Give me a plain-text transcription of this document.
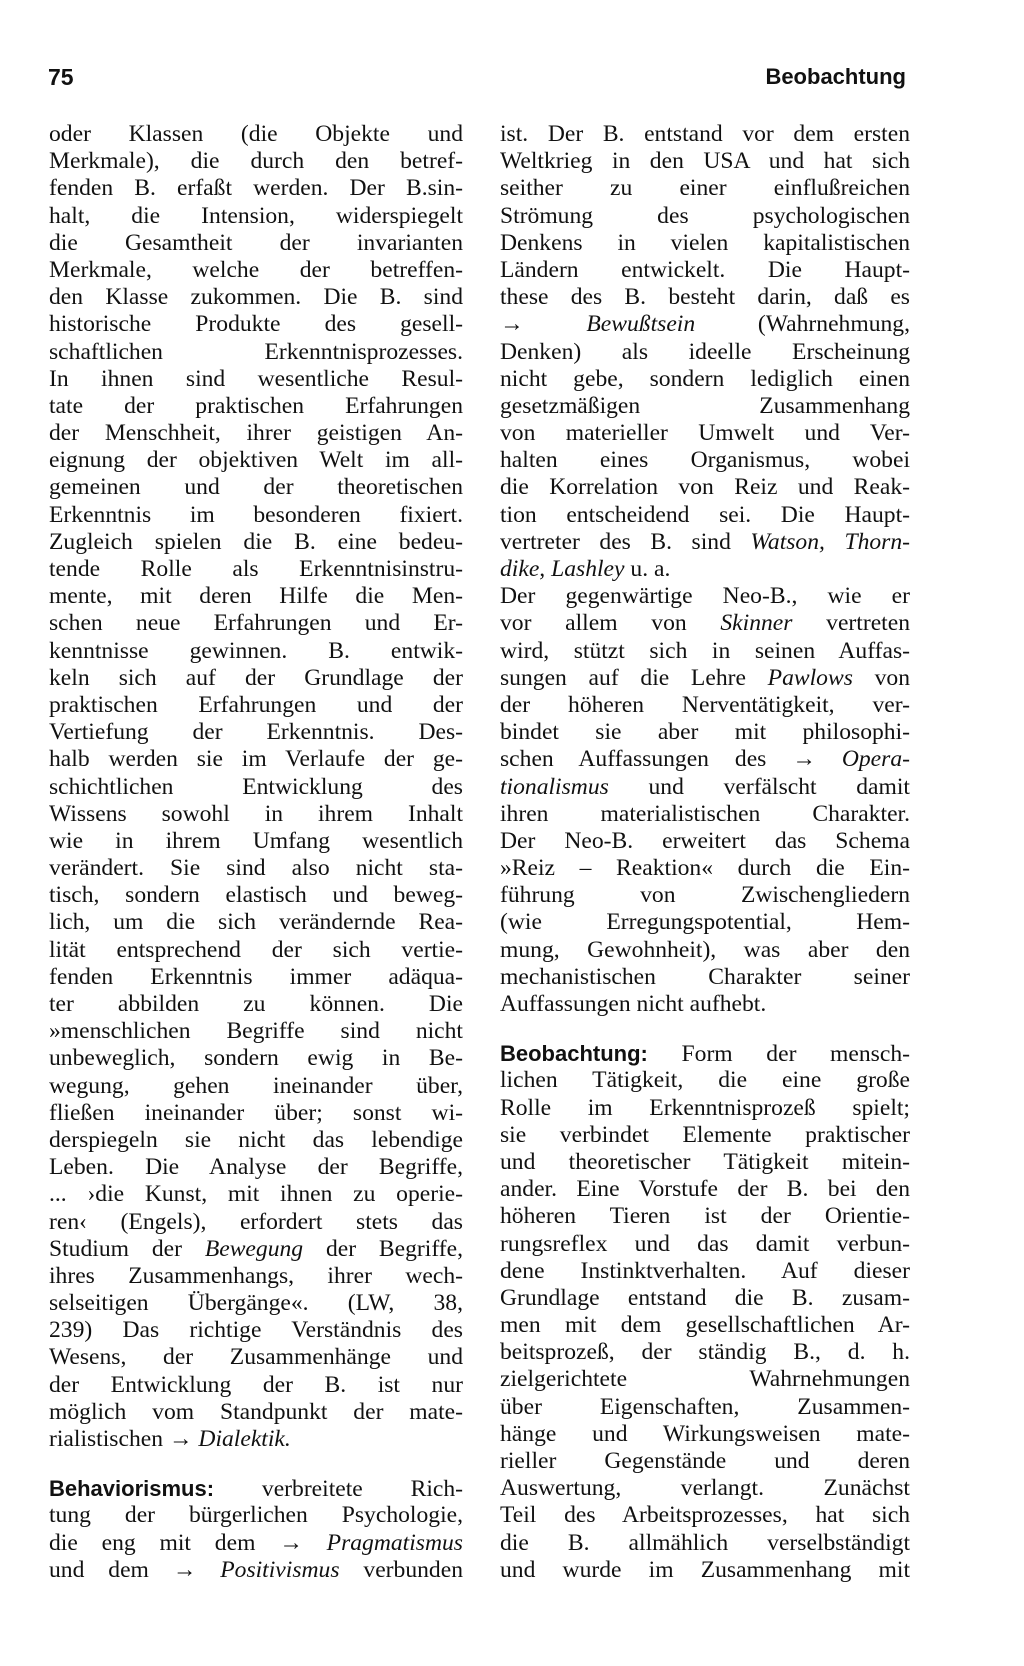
75	Beobachtung
oder Klassen (die Objekte und
Merkmale), die durch den betref-
fenden B. erfaßt werden. Der B.sin-
halt, die Intension, widerspiegelt
die Gesamtheit der invarianten
Merkmale, welche der betreffen-
den Klasse zukommen. Die B. sind
historische Produkte des gesell-
schaftlichen Erkenntnisprozesses.
In ihnen sind wesentliche Resul-
tate der praktischen Erfahrungen
der Menschheit, ihrer geistigen An-
eignung der objektiven Welt im all-
gemeinen und der theoretischen
Erkenntnis im besonderen fixiert.
Zugleich spielen die B. eine bedeu-
tende Rolle als Erkenntnisinstru-
mente, mit deren Hilfe die Men-
schen neue Erfahrungen und Er-
kenntnisse gewinnen. B. entwik-
keln sich auf der Grundlage der
praktischen Erfahrungen und der
Vertiefung der Erkenntnis. Des-
halb werden sie im Verlaufe der ge-
schichtlichen Entwicklung des
Wissens sowohl in ihrem Inhalt
wie in ihrem Umfang wesentlich
verändert. Sie sind also nicht sta-
tisch, sondern elastisch und beweg-
lich, um die sich verändernde Rea-
lität entsprechend der sich vertie-
fenden Erkenntnis immer adäqua-
ter abbilden zu können. Die
»menschlichen Begriffe sind nicht
unbeweglich, sondern ewig in Be-
wegung, gehen ineinander über,
fließen ineinander über; sonst wi-
derspiegeln sie nicht das lebendige
Leben. Die Analyse der Begriffe,
... ›die Kunst, mit ihnen zu operie-
ren‹ (Engels), erfordert stets das
Studium der Bewegung der Begriffe,
ihres Zusammenhangs, ihrer wech-
selseitigen Übergänge«. (LW, 38,
239) Das richtige Verständnis des
Wesens, der Zusammenhänge und
der Entwicklung der B. ist nur
möglich vom Standpunkt der mate-
rialistischen → Dialektik.
Behaviorismus: verbreitete Rich-
tung der bürgerlichen Psychologie,
die eng mit dem → Pragmatismus
und dem → Positivismus verbunden
ist. Der B. entstand vor dem ersten
Weltkrieg in den USA und hat sich
seither zu einer einflußreichen
Strömung des psychologischen
Denkens in vielen kapitalistischen
Ländern entwickelt. Die Haupt-
these des B. besteht darin, daß es
→ Bewußtsein (Wahrnehmung,
Denken) als ideelle Erscheinung
nicht gebe, sondern lediglich einen
gesetzmäßigen Zusammenhang
von materieller Umwelt und Ver-
halten eines Organismus, wobei
die Korrelation von Reiz und Reak-
tion entscheidend sei. Die Haupt-
vertreter des B. sind Watson, Thorn-
dike, Lashley u. a.
Der gegenwärtige Neo-B., wie er
vor allem von Skinner vertreten
wird, stützt sich in seinen Auffas-
sungen auf die Lehre Pawlows von
der höheren Nerventätigkeit, ver-
bindet sie aber mit philosophi-
schen Auffassungen des → Opera-
tionalismus und verfälscht damit
ihren materialistischen Charakter.
Der Neo-B. erweitert das Schema
»Reiz – Reaktion« durch die Ein-
führung von Zwischengliedern
(wie Erregungspotential, Hem-
mung, Gewohnheit), was aber den
mechanistischen Charakter seiner
Auffassungen nicht aufhebt.
Beobachtung: Form der mensch-
lichen Tätigkeit, die eine große
Rolle im Erkenntnisprozeß spielt;
sie verbindet Elemente praktischer
und theoretischer Tätigkeit mitein-
ander. Eine Vorstufe der B. bei den
höheren Tieren ist der Orientie-
rungsreflex und das damit verbun-
dene Instinktverhalten. Auf dieser
Grundlage entstand die B. zusam-
men mit dem gesellschaftlichen Ar-
beitsprozeß, der ständig B., d. h.
zielgerichtete Wahrnehmungen
über Eigenschaften, Zusammen-
hänge und Wirkungsweisen mate-
rieller Gegenstände und deren
Auswertung, verlangt. Zunächst
Teil des Arbeitsprozesses, hat sich
die B. allmählich verselbständigt
und wurde im Zusammenhang mit
